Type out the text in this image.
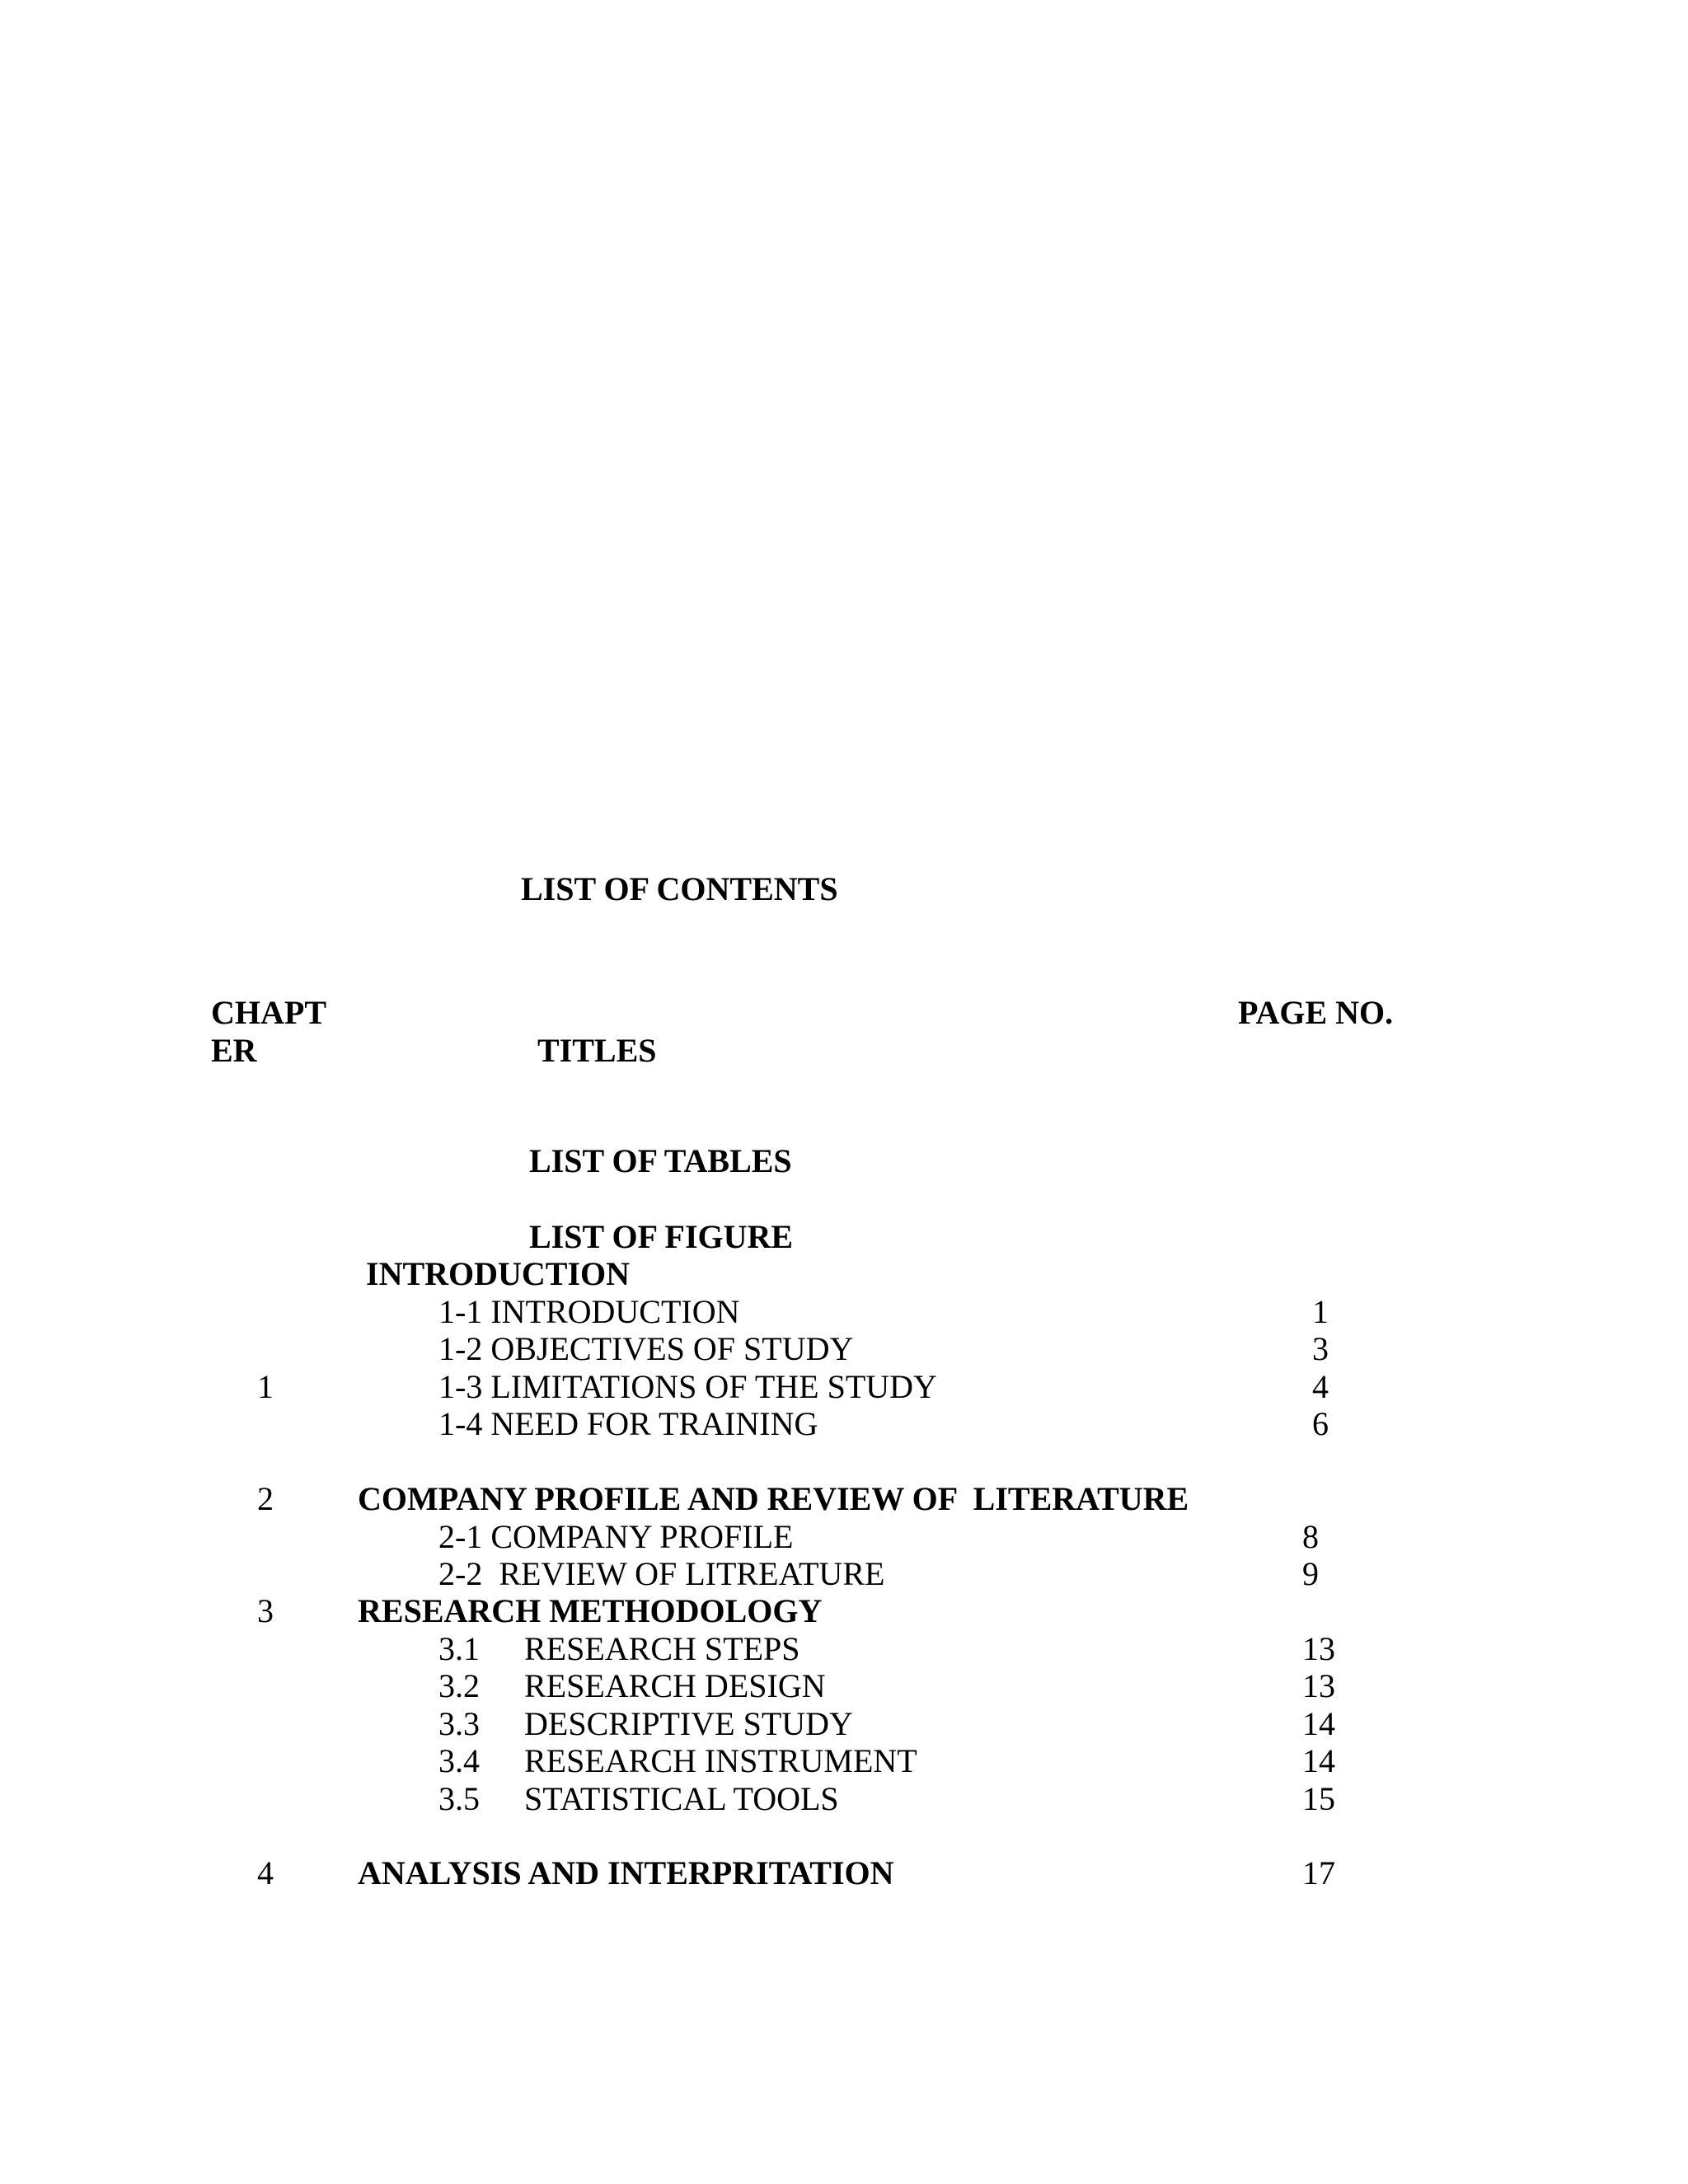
LIST OF CONTENTS
CHAPT
ER	TITLES
PAGE NO.
LIST OF TABLES
LIST OF FIGURE
INTRODUCTION
1-1 INTRODUCTION	1
1-2 OBJECTIVES OF STUDY	3
1	1-3 LIMITATIONS OF THE STUDY	4
1-4 NEED FOR TRAINING	6
2	COMPANY PROFILE AND REVIEW OF  LITERATURE
2-1 COMPANY PROFILE	8
2-2  REVIEW OF LITREATURE	9
3	RESEARCH METHODOLOGY
3.1 RESEARCH STEPS	13
3.2 RESEARCH DESIGN	13
3.3 DESCRIPTIVE STUDY	14
3.4 RESEARCH INSTRUMENT	14
3.5 STATISTICAL TOOLS	15
4	ANALYSIS AND INTERPRITATION	17
